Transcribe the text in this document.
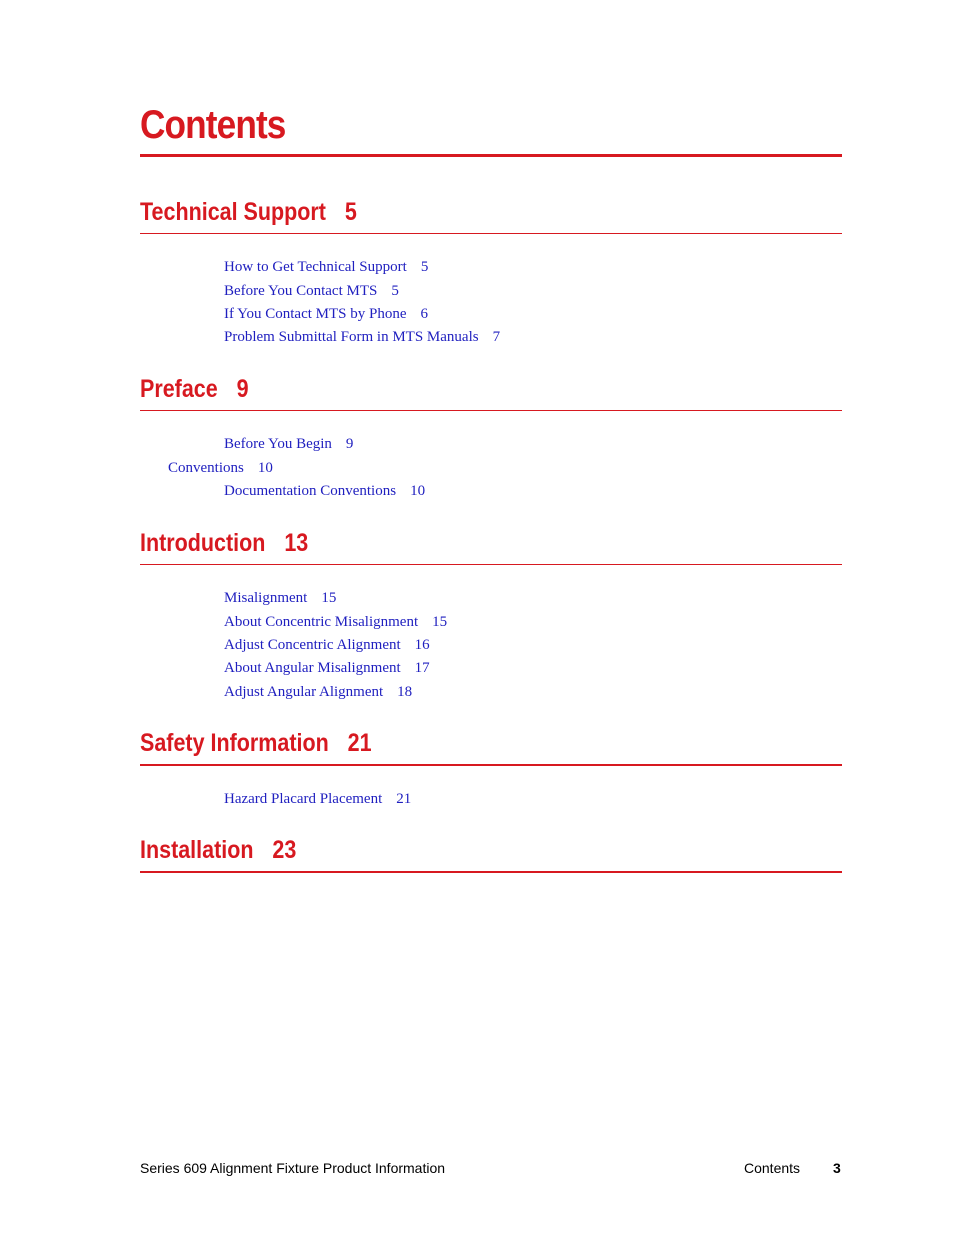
Contents
Technical Support 5
How to Get Technical Support 5
Before You Contact MTS 5
If You Contact MTS by Phone 6
Problem Submittal Form in MTS Manuals 7
Preface 9
Before You Begin 9
Conventions 10
Documentation Conventions 10
Introduction 13
Misalignment 15
About Concentric Misalignment 15
Adjust Concentric Alignment 16
About Angular Misalignment 17
Adjust Angular Alignment 18
Safety Information 21
Hazard Placard Placement 21
Installation 23
Series 609 Alignment Fixture Product Information	Contents 3
